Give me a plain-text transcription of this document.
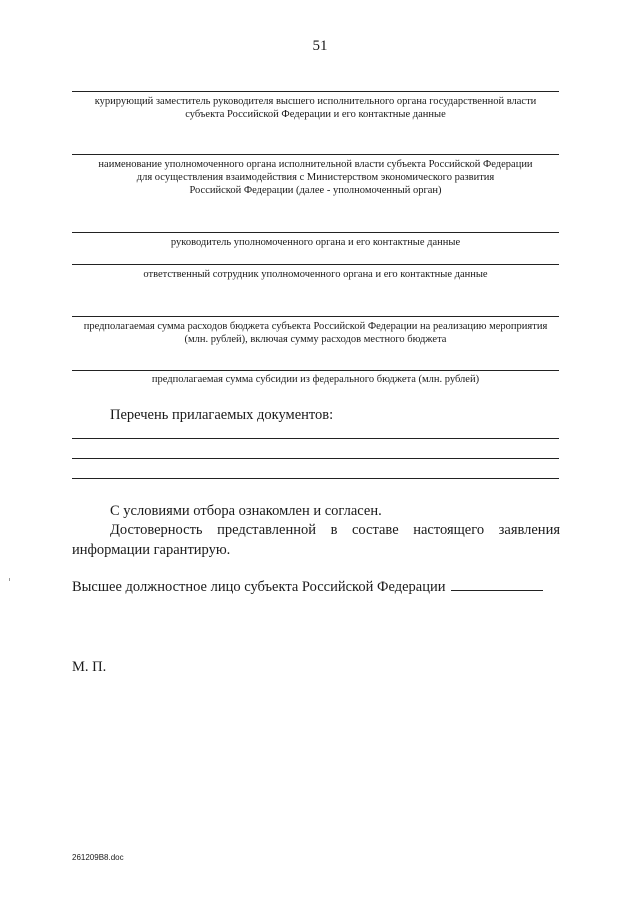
51
курирующий заместитель руководителя высшего исполнительного органа государственной власти
субъекта Российской Федерации и его контактные данные
наименование уполномоченного органа исполнительной власти субъекта Российской Федерации
для осуществления взаимодействия с Министерством экономического развития
Российской Федерации (далее - уполномоченный орган)
руководитель уполномоченного органа и его контактные данные
ответственный сотрудник уполномоченного органа и его контактные данные
предполагаемая сумма расходов бюджета субъекта Российской Федерации на реализацию мероприятия
(млн. рублей), включая сумму расходов местного бюджета
предполагаемая сумма субсидии из федерального бюджета (млн. рублей)
Перечень прилагаемых документов:
С условиями отбора ознакомлен и согласен.
Достоверность представленной в составе настоящего заявления
информации гарантирую.
Высшее должностное лицо субъекта Российской Федерации
М. П.
261209В8.doc
